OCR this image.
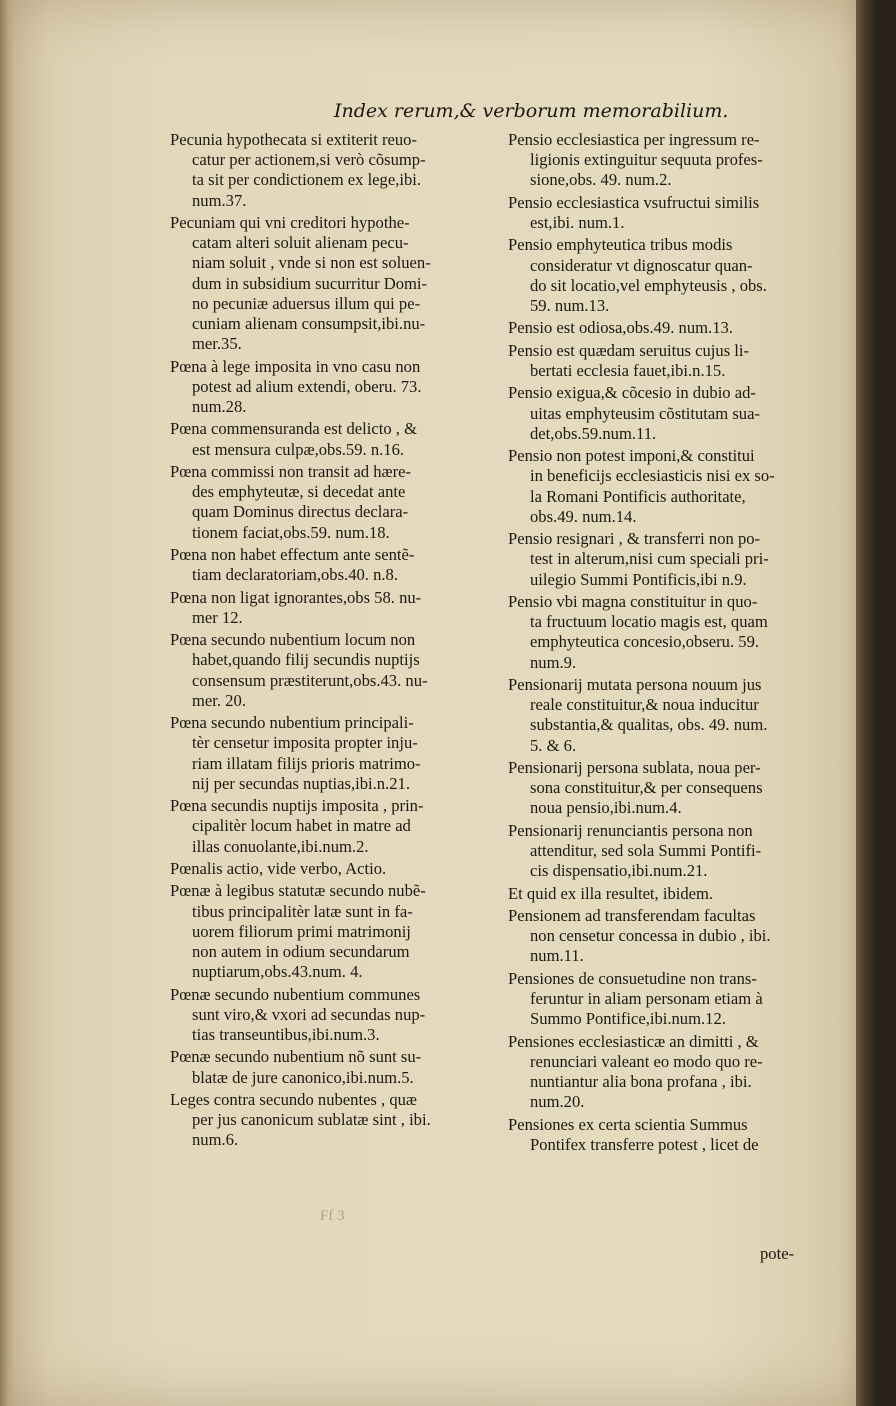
Index rerum,& verborum memorabilium.
Pecunia hypothecata si extiterit reuo-
catur per actionem,si verò cõsump-
ta sit per condictionem ex lege,ibi.
num.37.
Pecuniam qui vni creditori hypothe-
catam alteri soluit alienam pecu-
niam soluit , vnde si non est soluen-
dum in subsidium sucurritur Domi-
no pecuniæ aduersus illum qui pe-
cuniam alienam consumpsit,ibi.nu-
mer.35.
Pœna à lege imposita in vno casu non
potest ad alium extendi, oberu. 73.
num.28.
Pœna commensuranda est delicto , &
est mensura culpæ,obs.59. n.16.
Pœna commissi non transit ad hære-
des emphyteutæ, si decedat ante
quam Dominus directus declara-
tionem faciat,obs.59. num.18.
Pœna non habet effectum ante sentẽ-
tiam declaratoriam,obs.40. n.8.
Pœna non ligat ignorantes,obs 58. nu-
mer 12.
Pœna secundo nubentium locum non
habet,quando filij secundis nuptijs
consensum præstiterunt,obs.43. nu-
mer. 20.
Pœna secundo nubentium principali-
tèr censetur imposita propter inju-
riam illatam filijs prioris matrimo-
nij per secundas nuptias,ibi.n.21.
Pœna secundis nuptijs imposita , prin-
cipalitèr locum habet in matre ad
illas conuolante,ibi.num.2.
Pœnalis actio, vide verbo, Actio.
Pœnæ à legibus statutæ secundo nubẽ-
tibus principalitèr latæ sunt in fa-
uorem filiorum primi matrimonij
non autem in odium secundarum
nuptiarum,obs.43.num. 4.
Pœnæ secundo nubentium communes
sunt viro,& vxori ad secundas nup-
tias transeuntibus,ibi.num.3.
Pœnæ secundo nubentium nõ sunt su-
blatæ de jure canonico,ibi.num.5.
Leges contra secundo nubentes , quæ
per jus canonicum sublatæ sint , ibi.
num.6.
Pensio ecclesiastica per ingressum re-
ligionis extinguitur sequuta profes-
sione,obs. 49. num.2.
Pensio ecclesiastica vsufructui similis
est,ibi. num.1.
Pensio emphyteutica tribus modis
consideratur vt dignoscatur quan-
do sit locatio,vel emphyteusis , obs.
59. num.13.
Pensio est odiosa,obs.49. num.13.
Pensio est quædam seruitus cujus li-
bertati ecclesia fauet,ibi.n.15.
Pensio exigua,& cõcesio in dubio ad-
uitas emphyteusim cõstitutam sua-
det,obs.59.num.11.
Pensio non potest imponi,& constitui
in beneficijs ecclesiasticis nisi ex so-
la Romani Pontificis authoritate,
obs.49. num.14.
Pensio resignari , & transferri non po-
test in alterum,nisi cum speciali pri-
uilegio Summi Pontificis,ibi n.9.
Pensio vbi magna constituitur in quo-
ta fructuum locatio magis est, quam
emphyteutica concesio,obseru. 59.
num.9.
Pensionarij mutata persona nouum jus
reale constituitur,& noua inducitur
substantia,& qualitas, obs. 49. num.
5. & 6.
Pensionarij persona sublata, noua per-
sona constituitur,& per consequens
noua pensio,ibi.num.4.
Pensionarij renunciantis persona non
attenditur, sed sola Summi Pontifi-
cis dispensatio,ibi.num.21.
Et quid ex illa resultet, ibidem.
Pensionem ad transferendam facultas
non censetur concessa in dubio , ibi.
num.11.
Pensiones de consuetudine non trans-
feruntur in aliam personam etiam à
Summo Pontifice,ibi.num.12.
Pensiones ecclesiasticæ an dimitti , &
renunciari valeant eo modo quo re-
nuntiantur alia bona profana , ibi.
num.20.
Pensiones ex certa scientia Summus
Pontifex transferre potest , licet de
Ff 3
pote-
